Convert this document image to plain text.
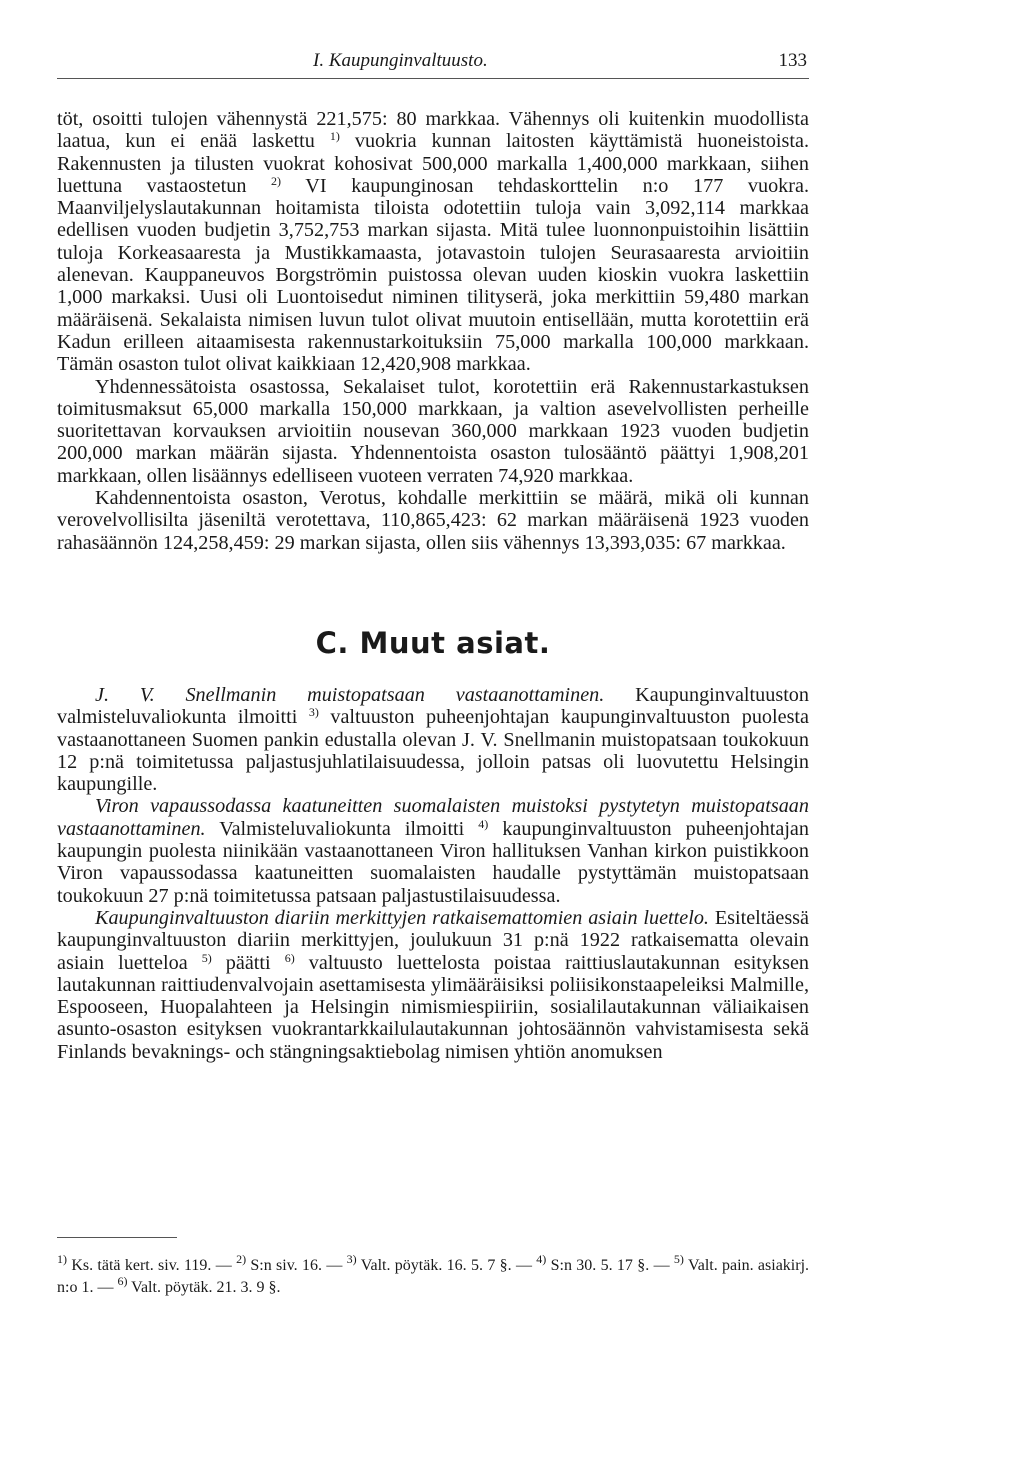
I. Kaupunginvaltuusto.	133

töt, osoitti tulojen vähennystä 221,575: 80 markkaa. Vähennys oli kuitenkin muodollista laatua, kun ei enää laskettu $^{1)}$ vuokria kunnan laitosten käyttämistä huoneistoista. Rakennusten ja tilusten vuokrat kohosivat 500,000 markalla 1,400,000 markkaan, siihen luettuna vastaostetun $^{2)}$ VI kaupunginosan tehdaskorttelin n:o 177 vuokra. Maanviljelyslautakunnan hoitamista tiloista odotettiin tuloja vain 3,092,114 markkaa edellisen vuoden budjetin 3,752,753 markan sijasta. Mitä tulee luonnonpuistoihin lisättiin tuloja Korkeasaaresta ja Mustikkamaasta, jotavastoin tulojen Seurasaaresta arvioitiin alenevan. Kauppaneuvos Borgströmin puistossa olevan uuden kioskin vuokra laskettiin 1,000 markaksi. Uusi oli Luontoisedut niminen tilityserä, joka merkittiin 59,480 markan määräisenä. Sekalaista nimisen luvun tulot olivat muutoin entisellään, mutta korotettiin erä Kadun erilleen aitaamisesta rakennustarkoituksiin 75,000 markalla 100,000 markkaan. Tämän osaston tulot olivat kaikkiaan 12,420,908 markkaa.

Yhdennessätoista osastossa, Sekalaiset tulot, korotettiin erä Rakennustarkastuksen toimitusmaksut 65,000 markalla 150,000 markkaan, ja valtion asevelvollisten perheille suoritettavan korvauksen arvioitiin nousevan 360,000 markkaan 1923 vuoden budjetin 200,000 markan määrän sijasta. Yhdennentoista osaston tulosääntö päättyi 1,908,201 markkaan, ollen lisäännys edelliseen vuoteen verraten 74,920 markkaa.

Kahdennentoista osaston, Verotus, kohdalle merkittiin se määrä, mikä oli kunnan verovelvollisilta jäseniltä verotettava, 110,865,423: 62 markan määräisenä 1923 vuoden rahasäännön 124,258,459: 29 markan sijasta, ollen siis vähennys 13,393,035: 67 markkaa.

C. Muut asiat.

J. V. Snellmanin muistopatsaan vastaanottaminen. Kaupunginvaltuuston valmisteluvaliokunta ilmoitti $^{3)}$ valtuuston puheenjohtajan kaupunginvaltuuston puolesta vastaanottaneen Suomen pankin edustalla olevan J. V. Snellmanin muistopatsaan toukokuun 12 p:nä toimitetussa paljastusjuhlatilaisuudessa, jolloin patsas oli luovutettu Helsingin kaupungille.

Viron vapaussodassa kaatuneitten suomalaisten muistoksi pystytetyn muistopatsaan vastaanottaminen. Valmisteluvaliokunta ilmoitti $^{4)}$ kaupunginvaltuuston puheenjohtajan kaupungin puolesta niinikään vastaanottaneen Viron hallituksen Vanhan kirkon puistikkoon Viron vapaussodassa kaatuneitten suomalaisten haudalle pystyttämän muistopatsaan toukokuun 27 p:nä toimitetussa patsaan paljastustilaisuudessa.

Kaupunginvaltuuston diariin merkittyjen ratkaisemattomien asiain luettelo. Esiteltäessä kaupunginvaltuuston diariin merkittyjen, joulukuun 31 p:nä 1922 ratkaisematta olevain asiain luetteloa $^{5)}$ päätti $^{6)}$ valtuusto luettelosta poistaa raittiuslautakunnan esityksen lautakunnan raittiudenvalvojain asettamisesta ylimääräisiksi poliisikonstaapeleiksi Malmille, Espooseen, Huopalahteen ja Helsingin nimismiespiiriin, sosialilautakunnan väliaikaisen asunto-osaston esityksen vuokrantarkkailulautakunnan johtosäännön vahvistamisesta sekä Finlands bevaknings- och stängningsaktiebolag nimisen yhtiön anomuksen

$^{1)}$ Ks. tätä kert. siv. 119. — $^{2)}$ S:n siv. 16. — $^{3)}$ Valt. pöytäk. 16. 5. 7 §. — $^{4)}$ S:n 30. 5. 17 §. — $^{5)}$ Valt. pain. asiakirj. n:o 1. — $^{6)}$ Valt. pöytäk. 21. 3. 9 §.
